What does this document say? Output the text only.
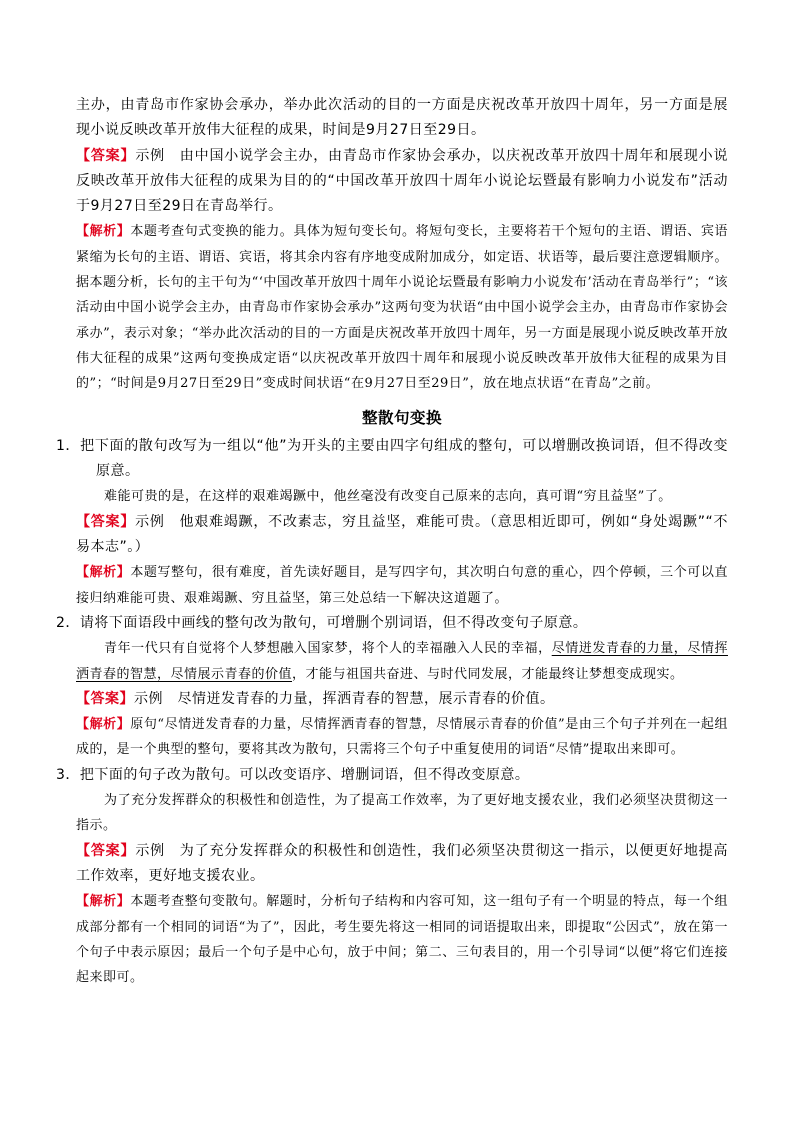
主办，由青岛市作家协会承办，举办此次活动的目的一方面是庆祝改革开放四十周年，另一方面是展现小说反映改革开放伟大征程的成果，时间是9月27日至29日。

【答案】示例　由中国小说学会主办，由青岛市作家协会承办，以庆祝改革开放四十周年和展现小说反映改革开放伟大征程的成果为目的的“中国改革开放四十周年小说论坛暨最有影响力小说发布”活动于9月27日至29日在青岛举行。

【解析】本题考查句式变换的能力。具体为短句变长句。将短句变长，主要将若干个短句的主语、谓语、宾语紧缩为长句的主语、谓语、宾语，将其余内容有序地变成附加成分，如定语、状语等，最后要注意逻辑顺序。据本题分析，长句的主干句为“‘中国改革开放四十周年小说论坛暨最有影响力小说发布’活动在青岛举行”；“该活动由中国小说学会主办，由青岛市作家协会承办”这两句变为状语“由中国小说学会主办，由青岛市作家协会承办”，表示对象；“举办此次活动的目的一方面是庆祝改革开放四十周年，另一方面是展现小说反映改革开放伟大征程的成果”这两句变换成定语“以庆祝改革开放四十周年和展现小说反映改革开放伟大征程的成果为目的”；“时间是9月27日至29日”变成时间状语“在9月27日至29日”，放在地点状语“在青岛”之前。

整散句变换

1．把下面的散句改写为一组以“他”为开头的主要由四字句组成的整句，可以增删改换词语，但不得改变原意。

难能可贵的是，在这样的艰难竭蹶中，他丝毫没有改变自己原来的志向，真可谓“穷且益坚”了。

【答案】示例　他艰难竭蹶，不改素志，穷且益坚，难能可贵。（意思相近即可，例如“身处竭蹶”“不易本志”。）

【解析】本题写整句，很有难度，首先读好题目，是写四字句，其次明白句意的重心，四个停顿，三个可以直接归纳难能可贵、艰难竭蹶、穷且益坚，第三处总结一下解决这道题了。

2．请将下面语段中画线的整句改为散句，可增删个别词语，但不得改变句子原意。

青年一代只有自觉将个人梦想融入国家梦，将个人的幸福融入人民的幸福，尽情迸发青春的力量，尽情挥洒青春的智慧，尽情展示青春的价值，才能与祖国共奋进、与时代同发展，才能最终让梦想变成现实。

【答案】示例　尽情迸发青春的力量，挥洒青春的智慧，展示青春的价值。

【解析】原句“尽情迸发青春的力量，尽情挥洒青春的智慧，尽情展示青春的价值”是由三个句子并列在一起组成的，是一个典型的整句，要将其改为散句，只需将三个句子中重复使用的词语“尽情”提取出来即可。

3．把下面的句子改为散句。可以改变语序、增删词语，但不得改变原意。

为了充分发挥群众的积极性和创造性，为了提高工作效率，为了更好地支援农业，我们必须坚决贯彻这一指示。

【答案】示例　为了充分发挥群众的积极性和创造性，我们必须坚决贯彻这一指示，以便更好地提高工作效率，更好地支援农业。

【解析】本题考查整句变散句。解题时，分析句子结构和内容可知，这一组句子有一个明显的特点，每一个组成部分都有一个相同的词语“为了”，因此，考生要先将这一相同的词语提取出来，即提取“公因式”，放在第一个句子中表示原因；最后一个句子是中心句，放于中间；第二、三句表目的，用一个引导词“以便”将它们连接起来即可。
